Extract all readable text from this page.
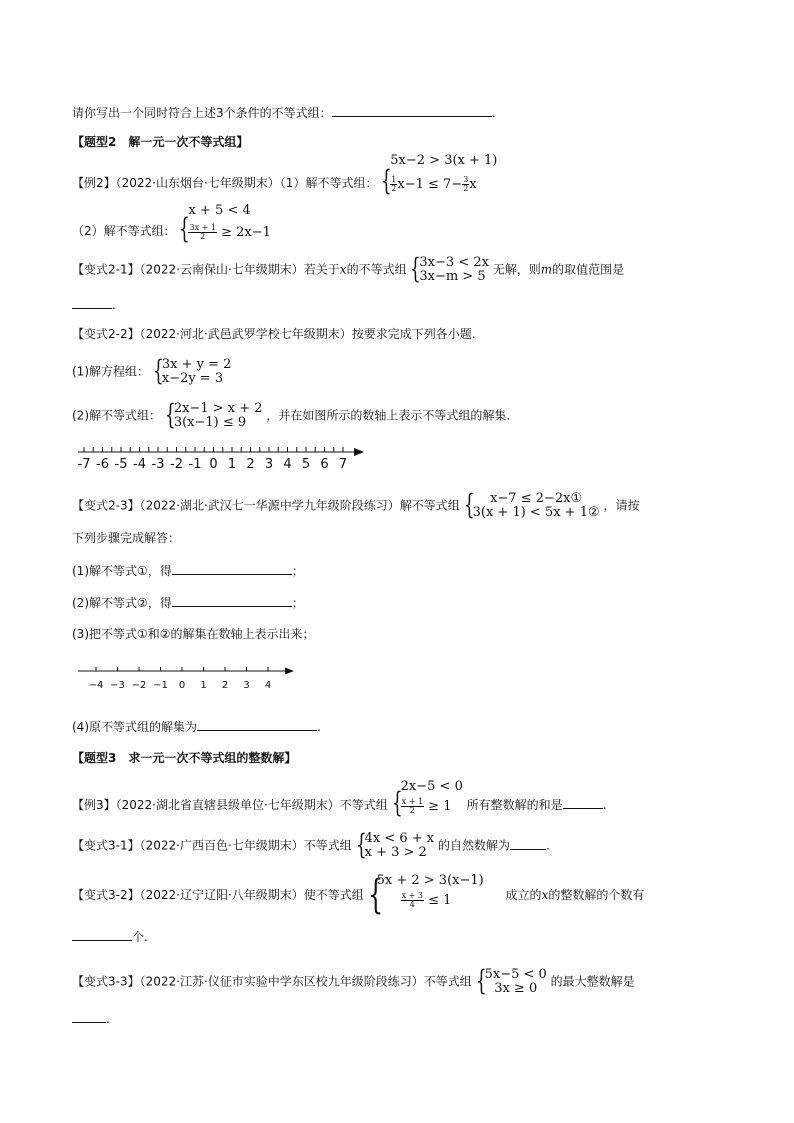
请你写出一个同时符合上述3个条件的不等式组：	.
【题型2　解一元一次不等式组】
【例2】（2022·山东烟台·七年级期末）（1）解不等式组： {
5x−2 > 3(x + 1)
$\frac{1}{2} x-1 \le 7- \frac{3}{2}$ x
（2）解不等式组： {
x + 5 < 4
$\frac{3x + 1}{2} \ge 2x-1$
【变式2-1】（2022·云南保山·七年级期末）若关于x的不等式组 {
3x−3 < 2x
3x−m > 5 无解，则m的取值范围是
.
【变式2-2】（2022·河北·武邑武罗学校七年级期末）按要求完成下列各小题.
(1)解方程组： {
3x + y = 2
x−2y = 3
(2)解不等式组： {
2x−1 > x + 2
3(x−1) ≤ 9	，并在如图所示的数轴上表示不等式组的解集.
-7 -6 -5 -4 -3 -2 -1 0 1 2 3 4 5 6 7
【变式2-3】（2022·湖北·武汉七一华源中学九年级阶段练习）解不等式组 {	x−7 ≤ 2−2x①
3(x + 1) < 5x + 1② ，请按
下列步骤完成解答：
(1)解不等式①，得	；
(2)解不等式②，得	；
(3)把不等式①和②的解集在数轴上表示出来；
−4 −3 −2 −1 0 1 2 3 4
(4)原不等式组的解集为	.
【题型3　求一元一次不等式组的整数解】
【例3】（2022·湖北省直辖县级单位·七年级期末）不等式组 {
2x−5 < 0
$\frac{x + 1}{2} \ge 1$	所有整数解的和是	.
【变式3-1】（2022·广西百色·七年级期末）不等式组 {
4x < 6 + x
x + 3 > 2 的自然数解为	.
【变式3-2】（2022·辽宁辽阳·八年级期末）使不等式组 {
5x + 2 > 3(x−1)
$\frac{x + 3}{4} \le 1$	成立的x的整数解的个数有
个.
【变式3-3】（2022·江苏·仪征市实验中学东区校九年级阶段练习）不等式组 {
5x−5 < 0
3x ≥ 0	的最大整数解是
.
